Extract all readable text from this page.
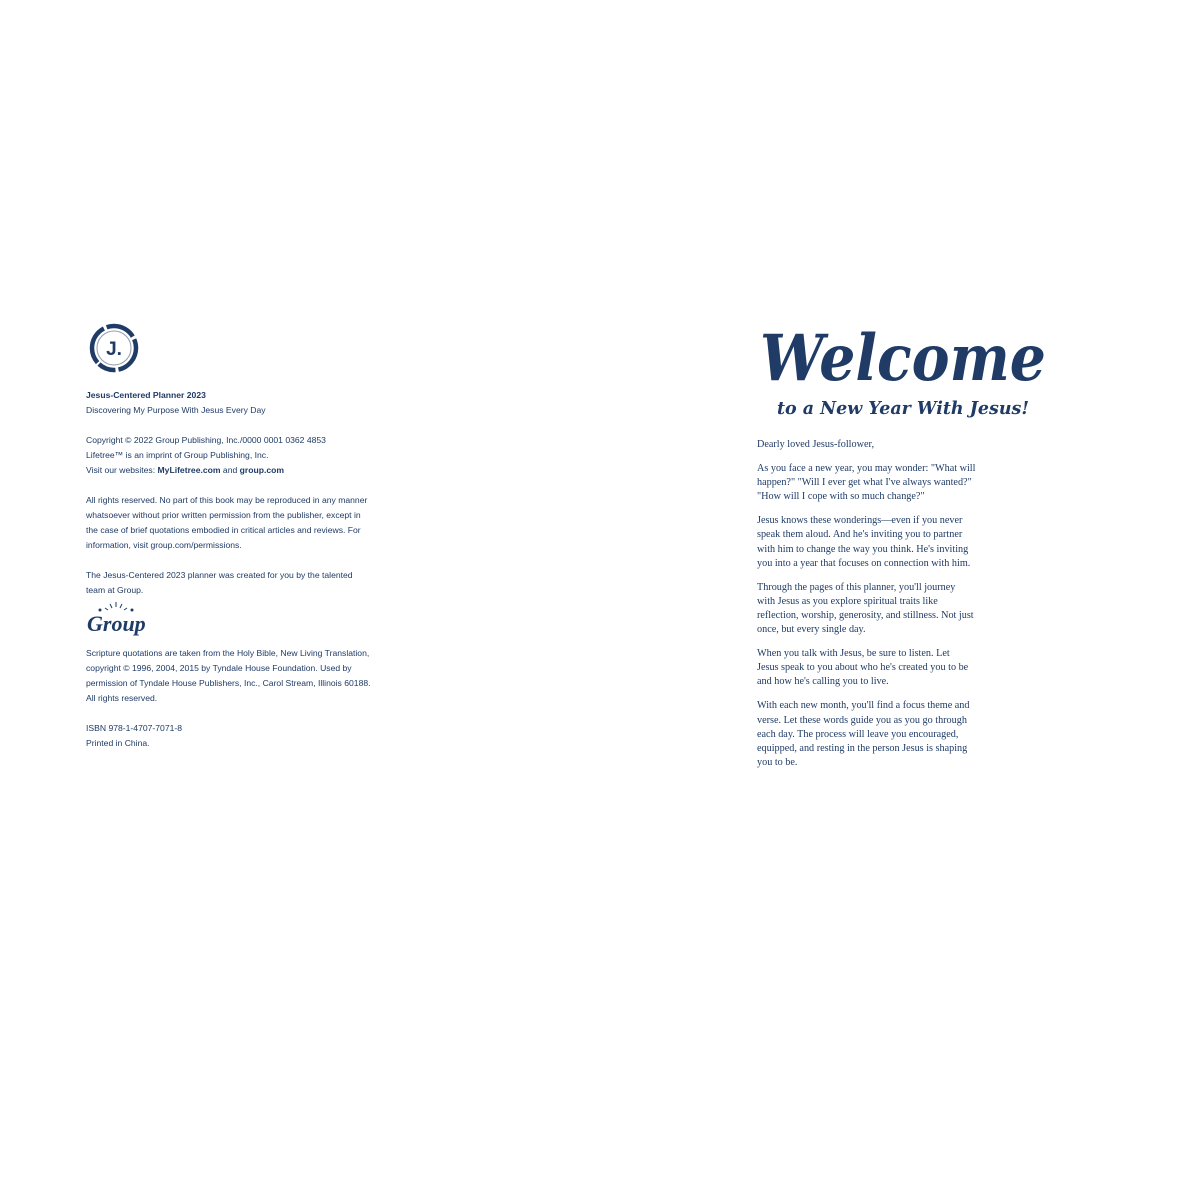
J.

Jesus-Centered Planner 2023

Discovering My Purpose With Jesus Every Day

Copyright © 2022 Group Publishing, Inc./0000 0001 0362 4853

Lifetree™ is an imprint of Group Publishing, Inc.

Visit our websites: MyLifetree.com and group.com

All rights reserved. No part of this book may be reproduced in any manner

whatsoever without prior written permission from the publisher, except in

the case of brief quotations embodied in critical articles and reviews. For

information, visit group.com/permissions.

The Jesus-Centered 2023 planner was created for you by the talented

team at Group.

Group

Scripture quotations are taken from the Holy Bible, New Living Translation,

copyright © 1996, 2004, 2015 by Tyndale House Foundation. Used by

permission of Tyndale House Publishers, Inc., Carol Stream, Illinois 60188.

All rights reserved.

ISBN 978-1-4707-7071-8

Printed in China.

Welcome
to a New Year With Jesus!

Dearly loved Jesus-follower,

As you face a new year, you may wonder: "What will
happen?" "Will I ever get what I've always wanted?"
"How will I cope with so much change?"
Jesus knows these wonderings—even if you never
speak them aloud. And he's inviting you to partner
with him to change the way you think. He's inviting
you into a year that focuses on connection with him.
Through the pages of this planner, you'll journey
with Jesus as you explore spiritual traits like
reflection, worship, generosity, and stillness. Not just
once, but every single day.
When you talk with Jesus, be sure to listen. Let
Jesus speak to you about who he's created you to be
and how he's calling you to live.
With each new month, you'll find a focus theme and
verse. Let these words guide you as you go through
each day. The process will leave you encouraged,
equipped, and resting in the person Jesus is shaping
you to be.
